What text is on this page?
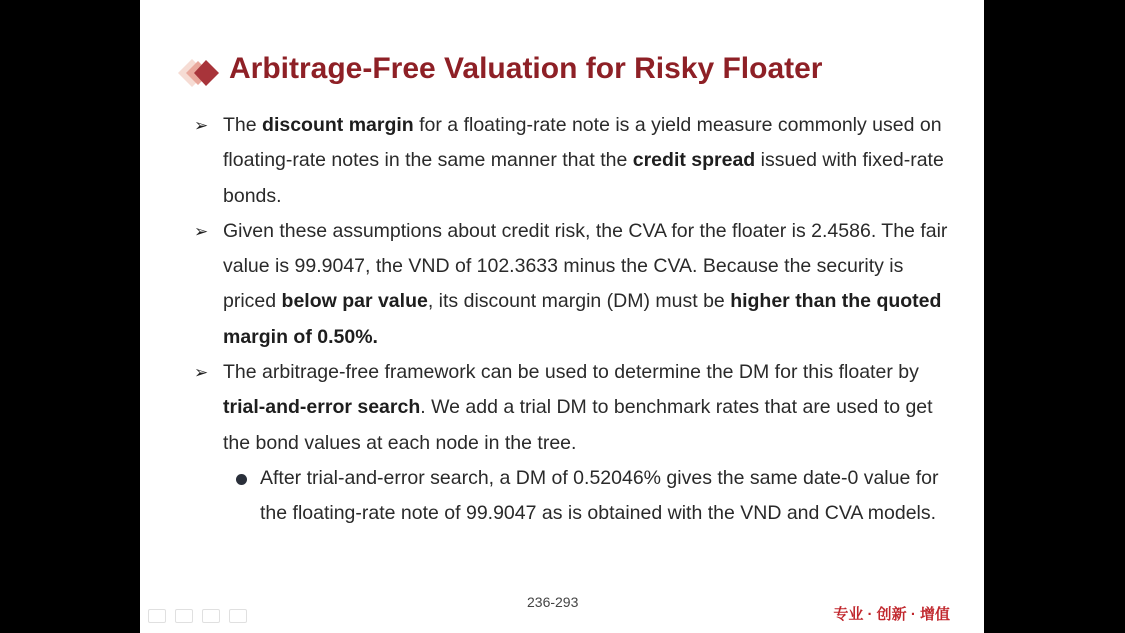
Arbitrage-Free Valuation for Risky Floater
➢ The discount margin for a floating-rate note is a yield measure commonly used on floating-rate notes in the same manner that the credit spread issued with fixed-rate bonds.
➢ Given these assumptions about credit risk, the CVA for the floater is 2.4586. The fair value is 99.9047, the VND of 102.3633 minus the CVA. Because the security is priced below par value, its discount margin (DM) must be higher than the quoted margin of 0.50%.
➢ The arbitrage-free framework can be used to determine the DM for this floater by trial-and-error search. We add a trial DM to benchmark rates that are used to get the bond values at each node in the tree.
After trial-and-error search, a DM of 0.52046% gives the same date-0 value for the floating-rate note of 99.9047 as is obtained with the VND and CVA models.
236-293
专业 · 创新 · 增值
